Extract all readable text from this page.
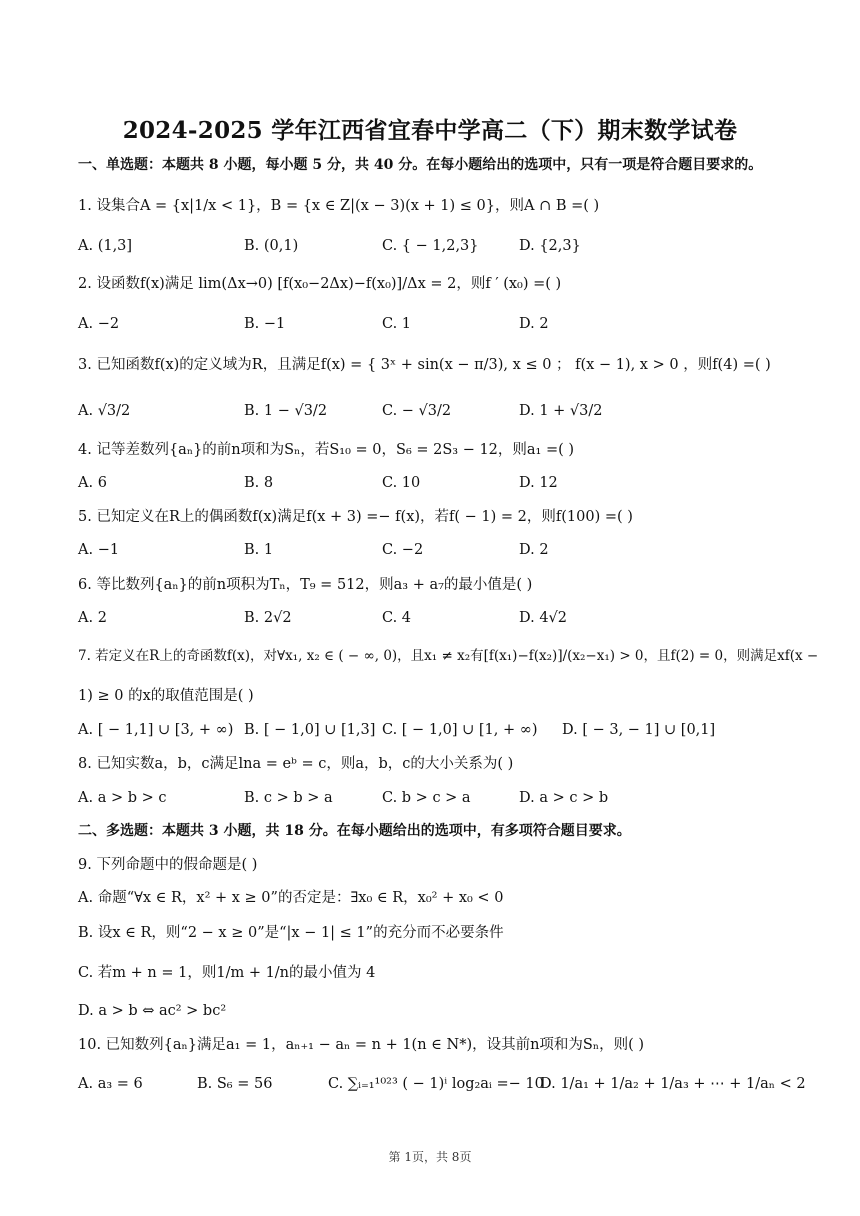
2024-2025 学年江西省宜春中学高二（下）期末数学试卷
一、单选题：本题共 8 小题，每小题 5 分，共 40 分。在每小题给出的选项中，只有一项是符合题目要求的。
1. 设集合A = {x|1/x < 1}，B = {x ∈ Z|(x − 3)(x + 1) ≤ 0}，则A ∩ B =( )
A. (1,3]	B. (0,1)	C. { − 1,2,3}	D. {2,3}
2. 设函数f(x)满足 lim(Δx→0) [f(x₀−2Δx)−f(x₀)]/Δx = 2，则f ′ (x₀) =( )
A. −2	B. −1	C. 1	D. 2
3. 已知函数f(x)的定义域为R，且满足f(x) = { 3ˣ + sin(x − π/3), x ≤ 0 ； f(x − 1), x > 0 ，则f(4) =( )
A. √3/2	B. 1 − √3/2	C. − √3/2	D. 1 + √3/2
4. 记等差数列{aₙ}的前n项和为Sₙ，若S₁₀ = 0，S₆ = 2S₃ − 12，则a₁ =( )
A. 6	B. 8	C. 10	D. 12
5. 已知定义在R上的偶函数f(x)满足f(x + 3) =− f(x)，若f( − 1) = 2，则f(100) =( )
A. −1	B. 1	C. −2	D. 2
6. 等比数列{aₙ}的前n项积为Tₙ，T₉ = 512，则a₃ + a₇的最小值是( )
A. 2	B. 2√2	C. 4	D. 4√2
7. 若定义在R上的奇函数f(x)，对∀x₁, x₂ ∈ ( − ∞, 0)，且x₁ ≠ x₂有[f(x₁)−f(x₂)]/(x₂−x₁) > 0，且f(2) = 0，则满足xf(x −
1) ≥ 0 的x的取值范围是( )
A. [ − 1,1] ∪ [3, + ∞) B. [ − 1,0] ∪ [1,3] C. [ − 1,0] ∪ [1, + ∞) D. [ − 3, − 1] ∪ [0,1]
8. 已知实数a，b，c满足lna = eᵇ = c，则a，b，c的大小关系为( )
A. a > b > c	B. c > b > a	C. b > c > a	D. a > c > b
二、多选题：本题共 3 小题，共 18 分。在每小题给出的选项中，有多项符合题目要求。
9. 下列命题中的假命题是( )
A. 命题“∀x ∈ R，x² + x ≥ 0”的否定是：∃x₀ ∈ R，x₀² + x₀ < 0
B. 设x ∈ R，则“2 − x ≥ 0”是“|x − 1| ≤ 1”的充分而不必要条件
C. 若m + n = 1，则1/m + 1/n的最小值为 4
D. a > b ⇔ ac² > bc²
10. 已知数列{aₙ}满足a₁ = 1，aₙ₊₁ − aₙ = n + 1(n ∈ N*)，设其前n项和为Sₙ，则( )
A. a₃ = 6	B. S₆ = 56	C. ∑ᵢ₌₁¹⁰²³ ( − 1)ⁱ log₂aᵢ =− 10
D. 1/a₁ + 1/a₂ + 1/a₃ + ⋯ + 1/aₙ < 2
第 1页，共 8页
